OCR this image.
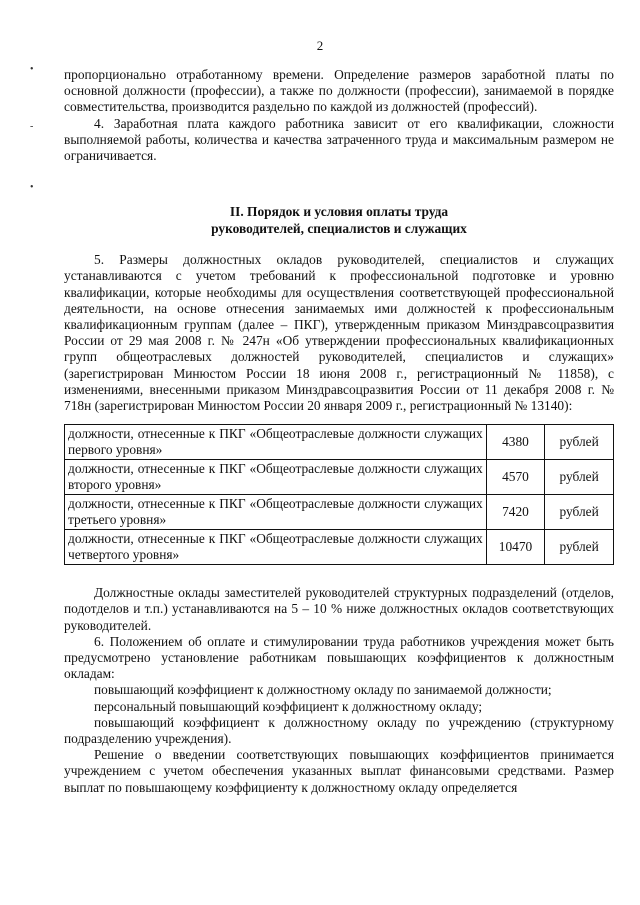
2
•
-
•

пропорционально отработанному времени. Определение размеров заработной платы по основной должности (профессии), а также по должности (профессии), занимаемой в порядке совместительства, производится раздельно по каждой из должностей (профессий).

4. Заработная плата каждого работника зависит от его квалификации, сложности выполняемой работы, количества и качества затраченного труда и максимальным размером не ограничивается.

II. Порядок и условия оплаты труда
руководителей, специалистов и служащих

5. Размеры должностных окладов руководителей, специалистов и служащих устанавливаются с учетом требований к профессиональной подготовке и уровню квалификации, которые необходимы для осуществления соответствующей профессиональной деятельности, на основе отнесения занимаемых ими должностей к профессиональным квалификационным группам (далее – ПКГ), утвержденным приказом Минздравсоцразвития России от 29 мая 2008 г. № 247н «Об утверждении профессиональных квалификационных групп общеотраслевых должностей руководителей, специалистов и служащих» (зарегистрирован Минюстом России 18 июня 2008 г., регистрационный № 11858), с изменениями, внесенными приказом Минздравсоцразвития России от 11 декабря 2008 г. № 718н (зарегистрирован Минюстом России 20 января 2009 г., регистрационный № 13140):

должности, отнесенные к ПКГ «Общеотраслевые должности служащих первого уровня»	4380	рублей
должности, отнесенные к ПКГ «Общеотраслевые должности служащих второго уровня»	4570	рублей
должности, отнесенные к ПКГ «Общеотраслевые должности служащих третьего уровня»	7420	рублей
должности, отнесенные к ПКГ «Общеотраслевые должности служащих четвертого уровня»	10470	рублей

Должностные оклады заместителей руководителей структурных подразделений (отделов, подотделов и т.п.) устанавливаются на 5 – 10 % ниже должностных окладов соответствующих руководителей.

6. Положением об оплате и стимулировании труда работников учреждения может быть предусмотрено установление работникам повышающих коэффициентов к должностным окладам:

повышающий коэффициент к должностному окладу по занимаемой должности;

персональный повышающий коэффициент к должностному окладу;

повышающий коэффициент к должностному окладу по учреждению (структурному подразделению учреждения).

Решение о введении соответствующих повышающих коэффициентов принимается учреждением с учетом обеспечения указанных выплат финансовыми средствами. Размер выплат по повышающему коэффициенту к должностному окладу определяется
